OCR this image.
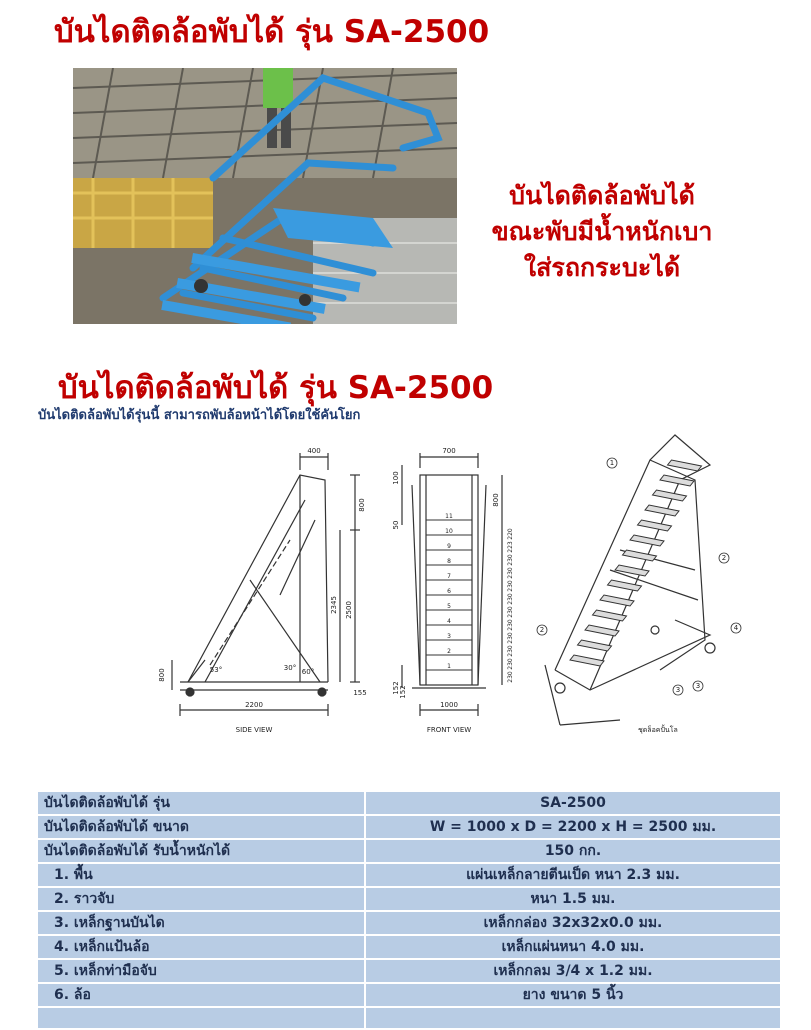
บันไดติดล้อพับได้ รุ่น SA-2500
บันไดติดล้อพับได้
ขณะพับมีน้ำหนักเบา
ใส่รถกระบะได้
บันไดติดล้อพับได้ รุ่น SA-2500
บันไดติดล้อพับได้รุ่นนี้ สามารถพับล้อหน้าได้โดยใช้คันโยก
400
800
2345 2500
800
155
2200
53°	30° 60°
SIDE VIEW
700
100
50
800
152 152
1000
FRONT VIEW	ชุดล็อคปั้นโล
11
10
9
8
7
6
5
4
3
2
1
220
223
230
230
230
230
230
230
230
230
230
230
1
2
2	4
3 3
บันไดติดล้อพับได้ รุ่น	SA-2500
บันไดติดล้อพับได้ ขนาด	W = 1000 x D = 2200 x H = 2500 มม.
บันไดติดล้อพับได้ รับน้ำหนักได้	150 กก.
1. พื้น	แผ่นเหล็กลายตีนเป็ด หนา 2.3 มม.
2. ราวจับ	หนา 1.5 มม.
3. เหล็กฐานบันได	เหล็กกล่อง 32x32x0.0 มม.
4. เหล็กแป้นล้อ	เหล็กแผ่นหนา 4.0 มม.
5. เหล็กท่ามือจับ	เหล็กกลม 3/4 x 1.2 มม.
6. ล้อ	ยาง ขนาด 5 นิ้ว
